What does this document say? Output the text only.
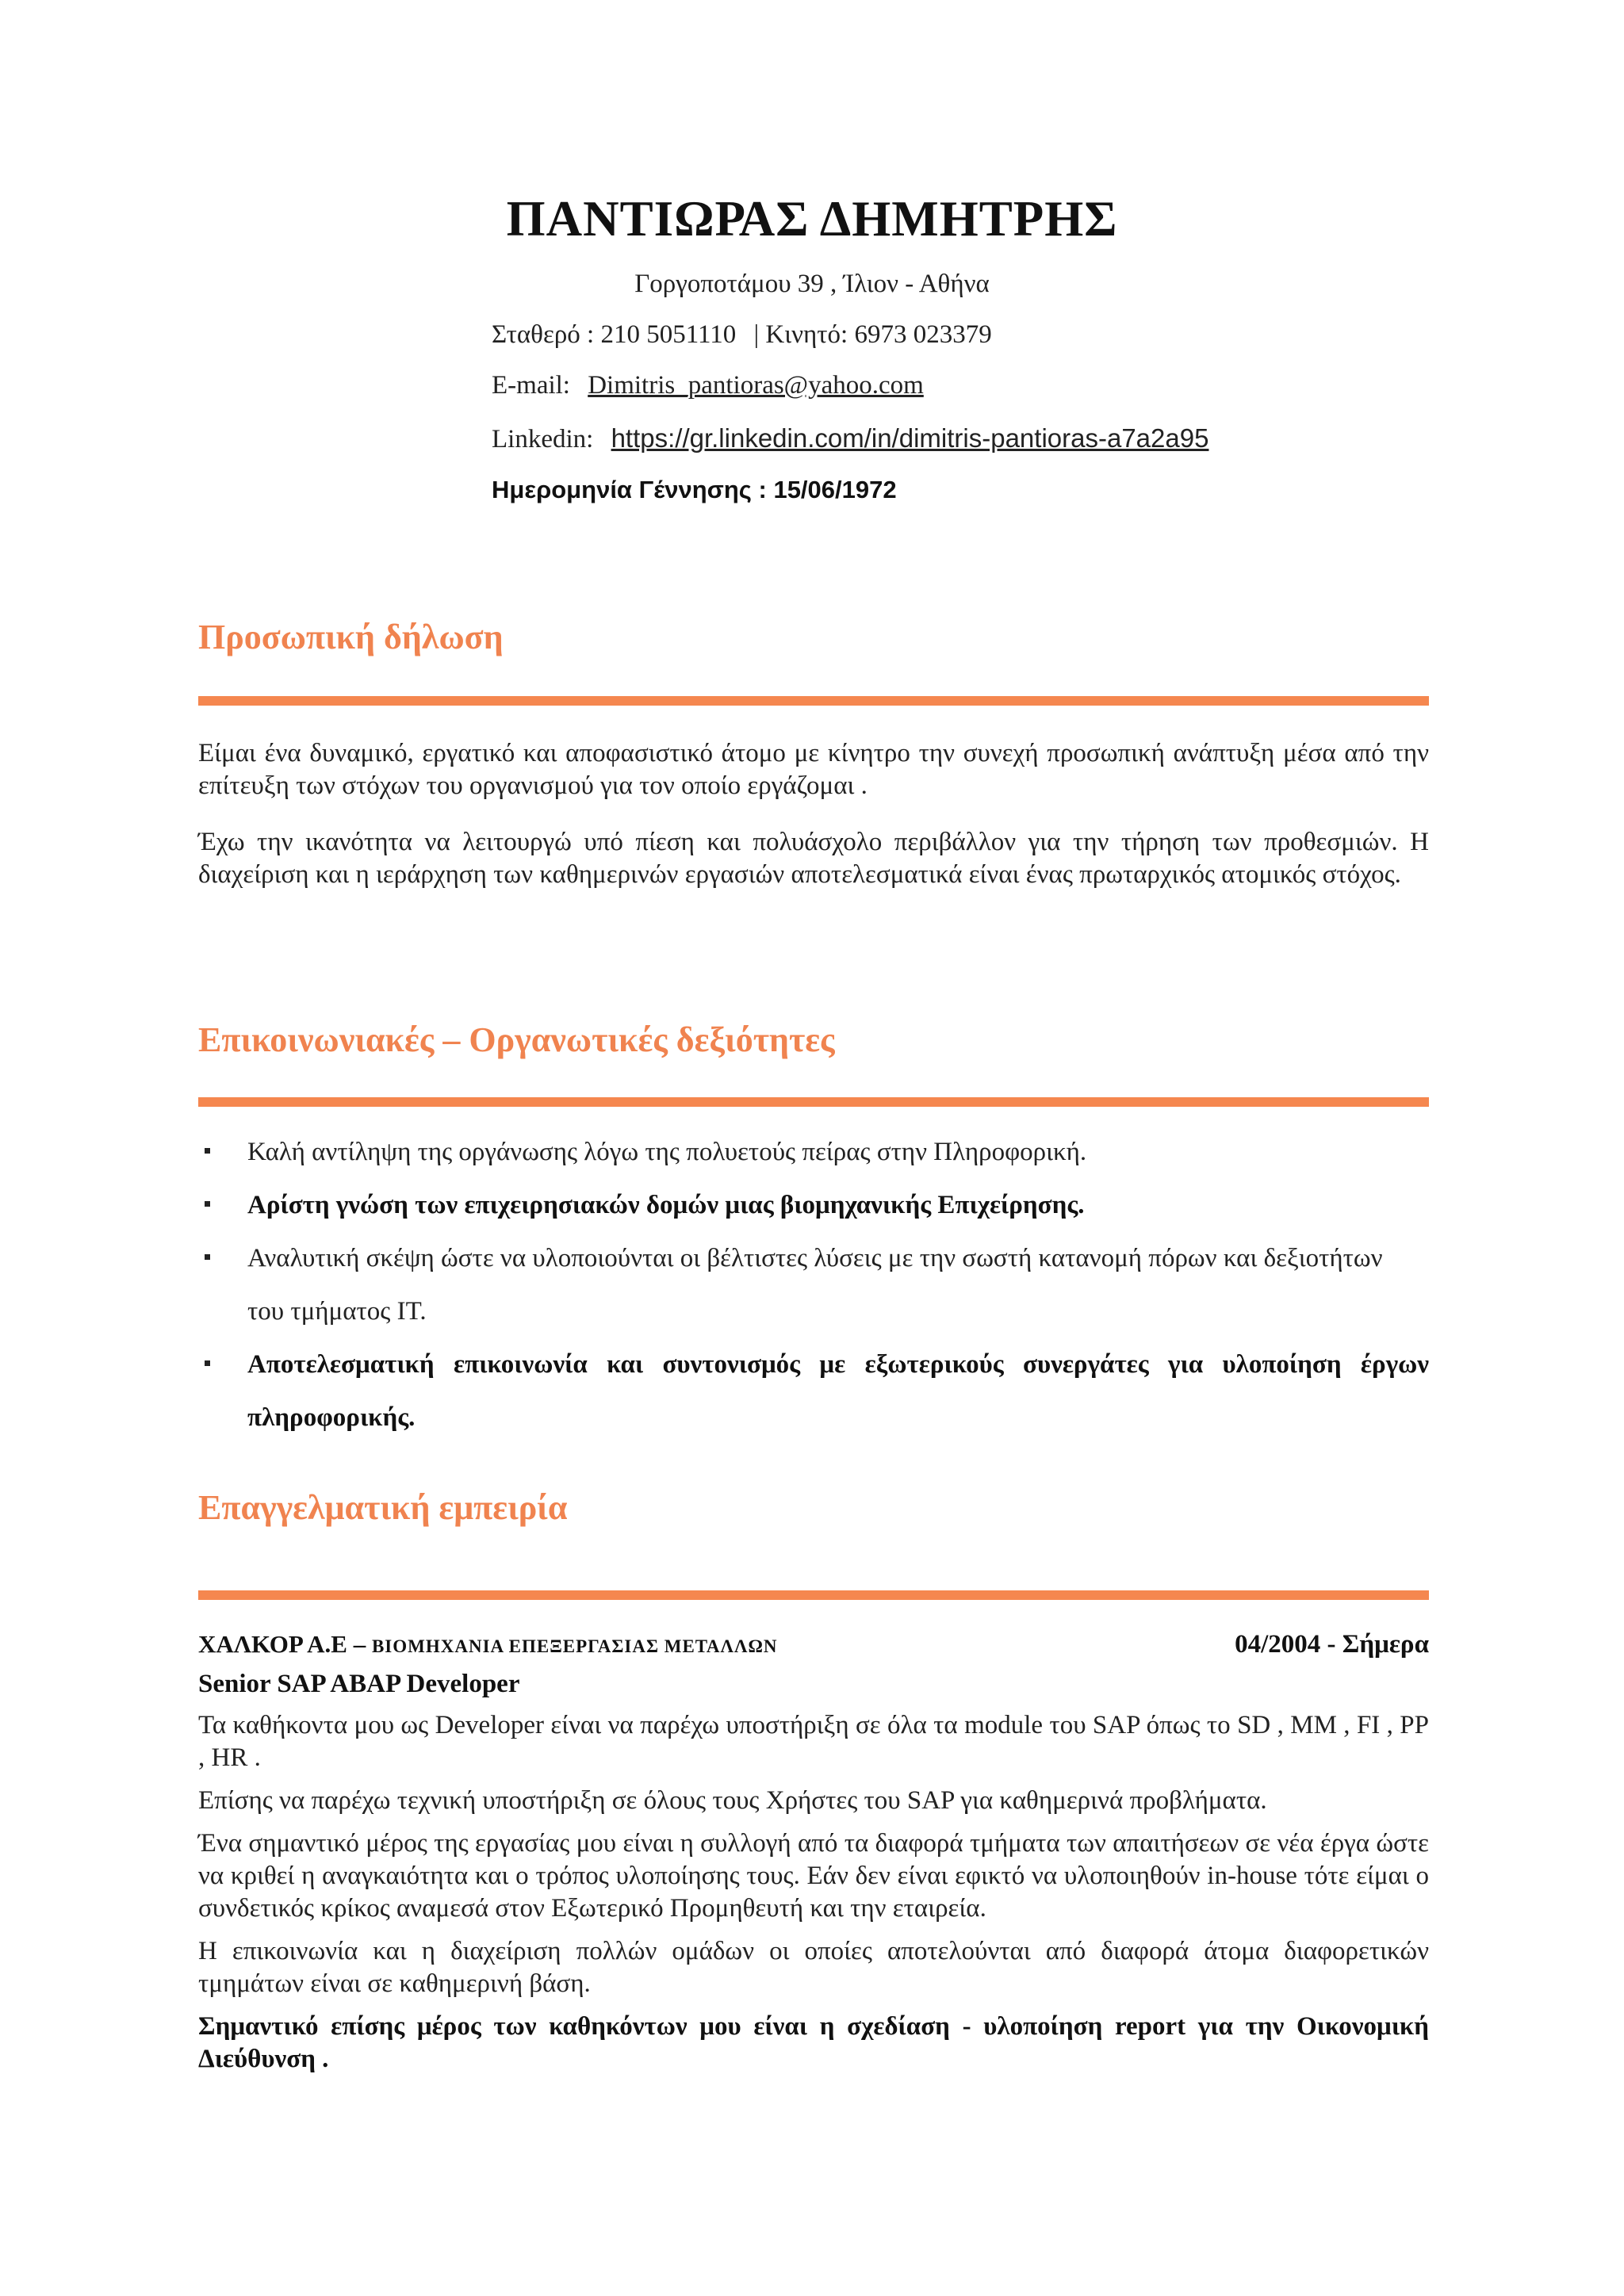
ΠΑΝΤΙΩΡΑΣ ΔΗΜΗΤΡΗΣ
Γοργοποτάμου 39 , Ίλιον - Αθήνα
Σταθερό : 210 5051110 | Κινητό: 6973 023379
E-mail: Dimitris_pantioras@yahoo.com
Linkedin: https://gr.linkedin.com/in/dimitris-pantioras-a7a2a95
Ημερομηνία Γέννησης : 15/06/1972
Προσωπική δήλωση
Είμαι ένα δυναμικό, εργατικό και αποφασιστικό άτομο με κίνητρο την συνεχή προσωπική ανάπτυξη μέσα από την επίτευξη των στόχων του οργανισμού για τον οποίο εργάζομαι .
Έχω την ικανότητα να λειτουργώ υπό πίεση και πολυάσχολο περιβάλλον για την τήρηση των προθεσμιών. Η διαχείριση και η ιεράρχηση των καθημερινών εργασιών αποτελεσματικά είναι ένας πρωταρχικός ατομικός στόχος.
Επικοινωνιακές – Οργανωτικές δεξιότητες
Καλή αντίληψη της οργάνωσης λόγω της πολυετούς πείρας στην Πληροφορική.
Αρίστη γνώση των επιχειρησιακών δομών μιας βιομηχανικής Επιχείρησης.
Αναλυτική σκέψη ώστε να υλοποιούνται οι βέλτιστες λύσεις με την σωστή κατανομή πόρων και δεξιοτήτων του τμήματος IT.
Αποτελεσματική επικοινωνία και συντονισμός με εξωτερικούς συνεργάτες για υλοποίηση έργων πληροφορικής.
Επαγγελματική εμπειρία
ΧΑΛΚΟΡ Α.Ε – ΒΙΟΜΗΧΑΝΙΑ ΕΠΕΞΕΡΓΑΣΙΑΣ ΜΕΤΑΛΛΩΝ	04/2004 - Σήμερα
Senior SAP ABAP Developer

Τα καθήκοντα μου ως Developer είναι να παρέχω υποστήριξη σε όλα τα module του SAP όπως το SD , MM , FI , PP , HR .

Επίσης να παρέχω τεχνική υποστήριξη σε όλους τους Χρήστες του SAP για καθημερινά προβλήματα.

Ένα σημαντικό μέρος της εργασίας μου είναι η συλλογή από τα διαφορά τμήματα των απαιτήσεων σε νέα έργα ώστε να κριθεί η αναγκαιότητα και ο τρόπος υλοποίησης τους. Εάν δεν είναι εφικτό να υλοποιηθούν in-house τότε είμαι ο συνδετικός κρίκος αναμεσά στον Εξωτερικό Προμηθευτή και την εταιρεία.

Η επικοινωνία και η διαχείριση πολλών ομάδων οι οποίες αποτελούνται από διαφορά άτομα διαφορετικών τμημάτων είναι σε καθημερινή βάση.

Σημαντικό επίσης μέρος των καθηκόντων μου είναι η σχεδίαση - υλοποίηση report για την Οικονομική Διεύθυνση .
